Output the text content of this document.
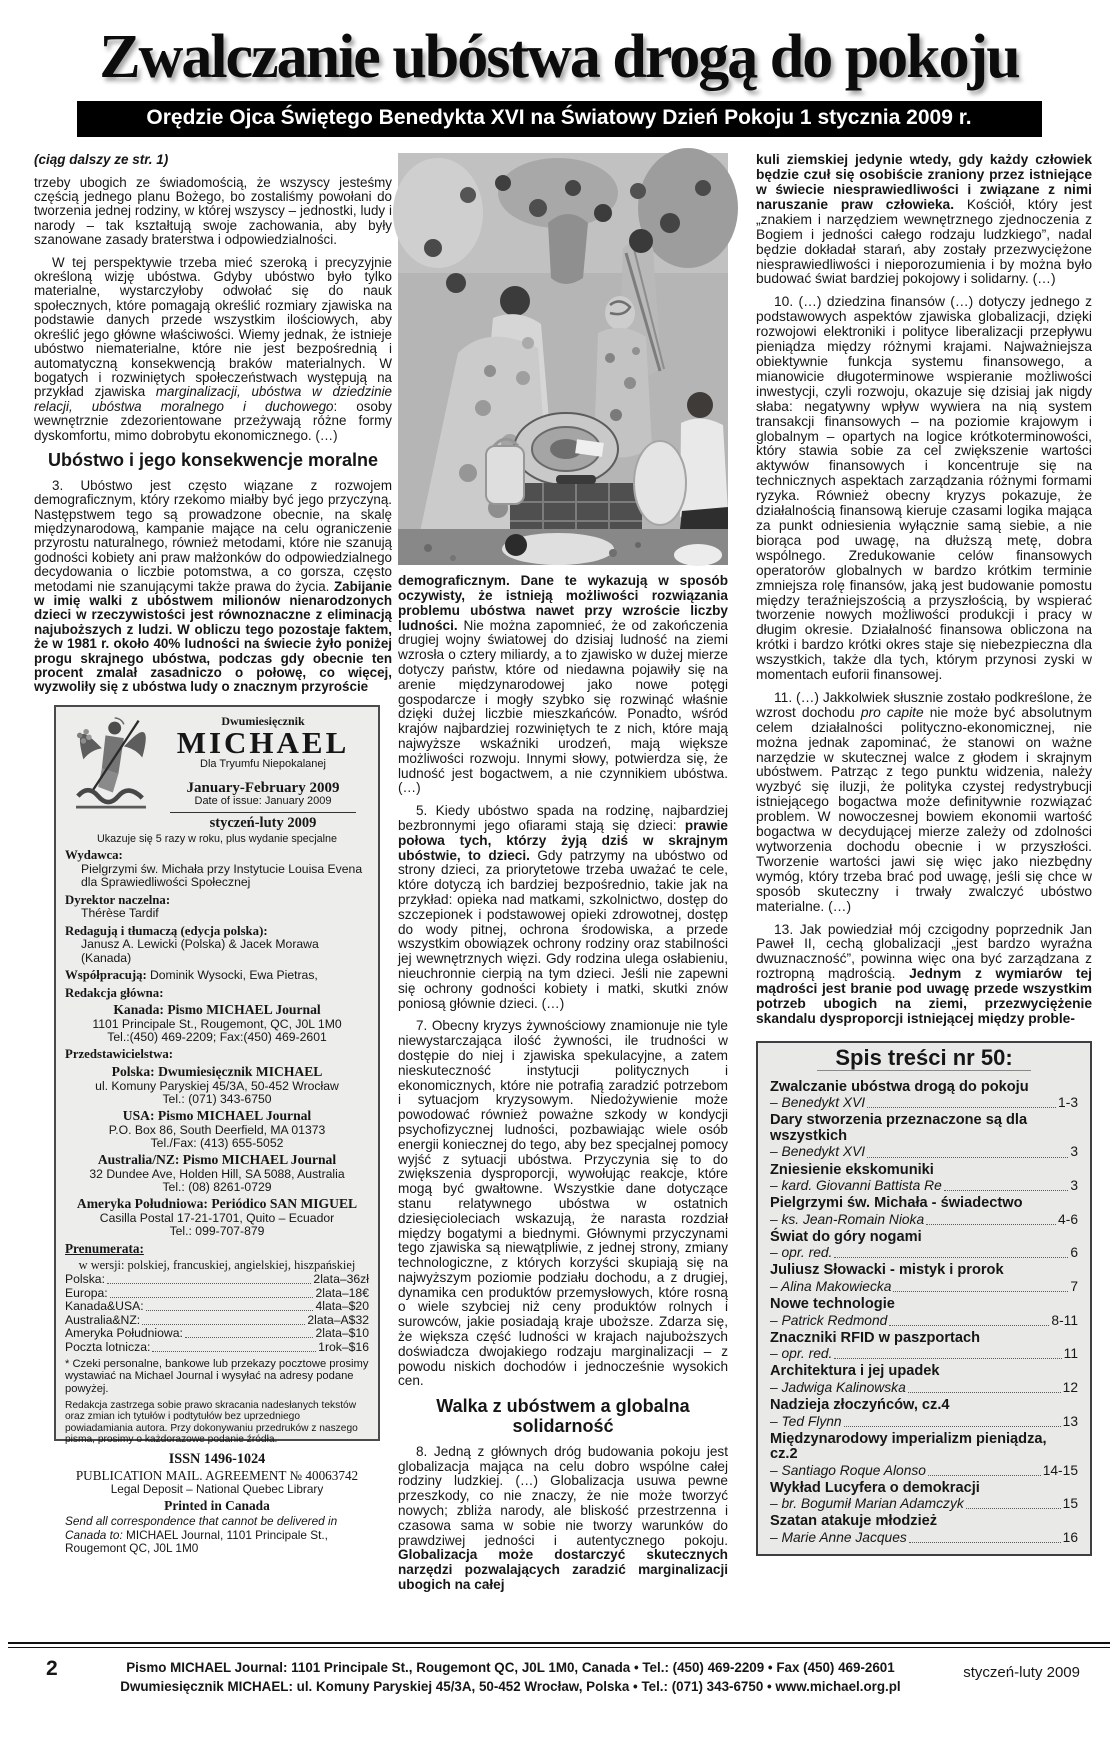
Zwalczanie ubóstwa drogą do pokoju
Orędzie Ojca Świętego Benedykta XVI na Światowy Dzień Pokoju 1 stycznia 2009 r.

(ciąg dalszy ze str. 1)

trzeby ubogich ze świadomością, że wszyscy jesteśmy częścią jednego planu Bożego, bo zostaliśmy powołani do tworzenia jednej rodziny, w której wszyscy – jednostki, ludy i narody – tak kształtują swoje zachowania, aby były szanowane zasady braterstwa i odpowiedzialności.

W tej perspektywie trzeba mieć szeroką i precyzyjnie określoną wizję ubóstwa. Gdyby ubóstwo było tylko materialne, wystarczyłoby odwołać się do nauk społecznych, które pomagają określić rozmiary zjawiska na podstawie danych przede wszystkim ilościowych, aby określić jego główne właściwości. Wiemy jednak, że istnieje ubóstwo niematerialne, które nie jest bezpośrednią i automatyczną konsekwencją braków materialnych. W bogatych i rozwiniętych społeczeństwach występują na przykład zjawiska marginalizacji, ubóstwa w dziedzinie relacji, ubóstwa moralnego i duchowego: osoby wewnętrznie zdezorientowane przeżywają różne formy dyskomfortu, mimo dobrobytu ekonomicznego. (…)

Ubóstwo i jego konsekwencje moralne

3. Ubóstwo jest często wiązane z rozwojem demograficznym, który rzekomo miałby być jego przyczyną. Następstwem tego są prowadzone obecnie, na skalę międzynarodową, kampanie mające na celu ograniczenie przyrostu naturalnego, również metodami, które nie szanują godności kobiety ani praw małżonków do odpowiedzialnego decydowania o liczbie potomstwa, a co gorsza, często metodami nie szanującymi także prawa do życia. Zabijanie w imię walki z ubóstwem milionów nienarodzonych dzieci w rzeczywistości jest równoznaczne z eliminacją najuboższych z ludzi. W obliczu tego pozostaje faktem, że w 1981 r. około 40% ludności na świecie żyło poniżej progu skrajnego ubóstwa, podczas gdy obecnie ten procent zmalał zasadniczo o połowę, co więcej, wyzwoliły się z ubóstwa ludy o znacznym przyroście

Dwumiesięcznik
MICHAEL
Dla Tryumfu Niepokalanej
January-February 2009
Date of issue: January 2009
styczeń-luty 2009
Ukazuje się 5 razy w roku, plus wydanie specjalne
Wydawca:
Pielgrzymi św. Michała przy Instytucie Louisa Evena dla Sprawiedliwości Społecznej
Dyrektor naczelna:
Thérèse Tardif
Redagują i tłumaczą (edycja polska):
Janusz A. Lewicki (Polska) & Jacek Morawa (Kanada)
Współpracują: Dominik Wysocki, Ewa Pietras,
Redakcja główna:
Kanada: Pismo MICHAEL Journal
1101 Principale St., Rougemont, QC, J0L 1M0
Tel.:(450) 469-2209; Fax:(450) 469-2601
Przedstawicielstwa:
Polska: Dwumiesięcznik MICHAEL
ul. Komuny Paryskiej 45/3A, 50-452 Wrocław
Tel.: (071) 343-6750
USA: Pismo MICHAEL Journal
P.O. Box 86, South Deerfield, MA 01373
Tel./Fax: (413) 655-5052
Australia/NZ: Pismo MICHAEL Journal
32 Dundee Ave, Holden Hill, SA 5088, Australia
Tel.: (08) 8261-0729
Ameryka Południowa: Periódico SAN MIGUEL
Casilla Postal 17-21-1701, Quito – Ecuador
Tel.: 099-707-879
Prenumerata:
w wersji: polskiej, francuskiej, angielskiej, hiszpańskiej
Polska:	2lata–36zł
Europa:	2lata–18€
Kanada&USA:	4lata–$20
Australia&NZ:	2lata–A$32
Ameryka Południowa:	2lata–$10
Poczta lotnicza:	1rok–$16
* Czeki personalne, bankowe lub przekazy pocztowe prosimy wystawiać na Michael Journal i wysyłać na adresy podane powyżej.
Redakcja zastrzega sobie prawo skracania nadesłanych tekstów oraz zmian ich tytułów i podtytułów bez uprzedniego powiadamiania autora. Przy dokonywaniu przedruków z naszego pisma, prosimy o każdorazowe podanie źródła.
ISSN 1496-1024
PUBLICATION MAIL. AGREEMENT № 40063742
Legal Deposit – National Quebec Library
Printed in Canada
Send all correspondence that cannot be delivered in Canada to: MICHAEL Journal, 1101 Principale St., Rougemont QC, J0L 1M0

demograficznym. Dane te wykazują w sposób oczywisty, że istnieją możliwości rozwiązania problemu ubóstwa nawet przy wzroście liczby ludności. Nie można zapomnieć, że od zakończenia drugiej wojny światowej do dzisiaj ludność na ziemi wzrosła o cztery miliardy, a to zjawisko w dużej mierze dotyczy państw, które od niedawna pojawiły się na arenie międzynarodowej jako nowe potęgi gospodarcze i mogły szybko się rozwinąć właśnie dzięki dużej liczbie mieszkańców. Ponadto, wśród krajów najbardziej rozwiniętych te z nich, które mają najwyższe wskaźniki urodzeń, mają większe możliwości rozwoju. Innymi słowy, potwierdza się, że ludność jest bogactwem, a nie czynnikiem ubóstwa. (…)

5. Kiedy ubóstwo spada na rodzinę, najbardziej bezbronnymi jego ofiarami stają się dzieci: prawie połowa tych, którzy żyją dziś w skrajnym ubóstwie, to dzieci. Gdy patrzymy na ubóstwo od strony dzieci, za priorytetowe trzeba uważać te cele, które dotyczą ich bardziej bezpośrednio, takie jak na przykład: opieka nad matkami, szkolnictwo, dostęp do szczepionek i podstawowej opieki zdrowotnej, dostęp do wody pitnej, ochrona środowiska, a przede wszystkim obowiązek ochrony rodziny oraz stabilności jej wewnętrznych więzi. Gdy rodzina ulega osłabieniu, nieuchronnie cierpią na tym dzieci. Jeśli nie zapewni się ochrony godności kobiety i matki, skutki znów poniosą głównie dzieci. (…)

7. Obecny kryzys żywnościowy znamionuje nie tyle niewystarczająca ilość żywności, ile trudności w dostępie do niej i zjawiska spekulacyjne, a zatem nieskuteczność instytucji politycznych i ekonomicznych, które nie potrafią zaradzić potrzebom i sytuacjom kryzysowym. Niedożywienie może powodować również poważne szkody w kondycji psychofizycznej ludności, pozbawiając wiele osób energii koniecznej do tego, aby bez specjalnej pomocy wyjść z sytuacji ubóstwa. Przyczynia się to do zwiększenia dysproporcji, wywołując reakcje, które mogą być gwałtowne. Wszystkie dane dotyczące stanu relatywnego ubóstwa w ostatnich dziesięcioleciach wskazują, że narasta rozdział między bogatymi a biednymi. Głównymi przyczynami tego zjawiska są niewątpliwie, z jednej strony, zmiany technologiczne, z których korzyści skupiają się na najwyższym poziomie podziału dochodu, a z drugiej, dynamika cen produktów przemysłowych, które rosną o wiele szybciej niż ceny produktów rolnych i surowców, jakie posiadają kraje uboższe. Zdarza się, że większa część ludności w krajach najuboższych doświadcza dwojakiego rodzaju marginalizacji – z powodu niskich dochodów i jednocześnie wysokich cen.

Walka z ubóstwem a globalna solidarność

8. Jedną z głównych dróg budowania pokoju jest globalizacja mająca na celu dobro wspólne całej rodziny ludzkiej. (…) Globalizacja usuwa pewne przeszkody, co nie znaczy, że nie może tworzyć nowych; zbliża narody, ale bliskość przestrzenna i czasowa sama w sobie nie tworzy warunków do prawdziwej jedności i autentycznego pokoju. Globalizacja może dostarczyć skutecznych narzędzi pozwalających zaradzić marginalizacji ubogich na całej

kuli ziemskiej jedynie wtedy, gdy każdy człowiek będzie czuł się osobiście zraniony przez istniejące w świecie niesprawiedliwości i związane z nimi naruszanie praw człowieka. Kościół, który jest „znakiem i narzędziem wewnętrznego zjednoczenia z Bogiem i jedności całego rodzaju ludzkiego”, nadal będzie dokładał starań, aby zostały przezwyciężone niesprawiedliwości i nieporozumienia i by można było budować świat bardziej pokojowy i solidarny. (…)

10. (…) dziedzina finansów (…) dotyczy jednego z podstawowych aspektów zjawiska globalizacji, dzięki rozwojowi elektroniki i polityce liberalizacji przepływu pieniądza między różnymi krajami. Najważniejsza obiektywnie funkcja systemu finansowego, a mianowicie długoterminowe wspieranie możliwości inwestycji, czyli rozwoju, okazuje się dzisiaj jak nigdy słaba: negatywny wpływ wywiera na nią system transakcji finansowych – na poziomie krajowym i globalnym – opartych na logice krótkoterminowości, który stawia sobie za cel zwiększenie wartości aktywów finansowych i koncentruje się na technicznych aspektach zarządzania różnymi formami ryzyka. Również obecny kryzys pokazuje, że działalnością finansową kieruje czasami logika mająca za punkt odniesienia wyłącznie samą siebie, a nie biorąca pod uwagę, na dłuższą metę, dobra wspólnego. Zredukowanie celów finansowych operatorów globalnych w bardzo krótkim terminie zmniejsza rolę finansów, jaką jest budowanie pomostu między teraźniejszością a przyszłością, by wspierać tworzenie nowych możliwości produkcji i pracy w długim okresie. Działalność finansowa obliczona na krótki i bardzo krótki okres staje się niebezpieczna dla wszystkich, także dla tych, którym przynosi zyski w momentach euforii finansowej.

11. (…) Jakkolwiek słusznie zostało podkreślone, że wzrost dochodu pro capite nie może być absolutnym celem działalności polityczno-ekonomicznej, nie można jednak zapominać, że stanowi on ważne narzędzie w skutecznej walce z głodem i skrajnym ubóstwem. Patrząc z tego punktu widzenia, należy wyzbyć się iluzji, że polityka czystej redystrybucji istniejącego bogactwa może definitywnie rozwiązać problem. W nowoczesnej bowiem ekonomii wartość bogactwa w decydującej mierze zależy od zdolności wytworzenia dochodu obecnie i w przyszłości. Tworzenie wartości jawi się więc jako niezbędny wymóg, który trzeba brać pod uwagę, jeśli się chce w sposób skuteczny i trwały zwalczyć ubóstwo materialne. (…)

13. Jak powiedział mój czcigodny poprzednik Jan Paweł II, cechą globalizacji „jest bardzo wyraźna dwuznaczność”, powinna więc ona być zarządzana z roztropną mądrością. Jednym z wymiarów tej mądrości jest branie pod uwagę przede wszystkim potrzeb ubogich na ziemi, przezwyciężenie skandalu dysproporcji istniejącej między proble-

Spis treści nr 50:
Zwalczanie ubóstwa drogą do pokoju
– Benedykt XVI	1-3
Dary stworzenia przeznaczone są dla wszystkich
– Benedykt XVI	3
Zniesienie ekskomuniki
– kard. Giovanni Battista Re	3
Pielgrzymi św. Michała - świadectwo
– ks. Jean-Romain Nioka	4-6
Świat do góry nogami
– opr. red.	6
Juliusz Słowacki - mistyk i prorok
– Alina Makowiecka	7
Nowe technologie
– Patrick Redmond	8-11
Znaczniki RFID w paszportach
– opr. red.	11
Architektura i jej upadek
– Jadwiga Kalinowska	12
Nadzieja złoczyńców, cz.4
– Ted Flynn	13
Międzynarodowy imperializm pieniądza, cz.2
– Santiago Roque Alonso	14-15
Wykład Lucyfera o demokracji
– br. Bogumił Marian Adamczyk	15
Szatan atakuje młodzież
– Marie Anne Jacques	16
2	Pismo MICHAEL Journal: 1101 Principale St., Rougemont QC, J0L 1M0, Canada • Tel.: (450) 469-2209 • Fax (450) 469-2601
Dwumiesięcznik MICHAEL: ul. Komuny Paryskiej 45/3A, 50-452 Wrocław, Polska • Tel.: (071) 343-6750 • www.michael.org.pl
styczeń-luty 2009
